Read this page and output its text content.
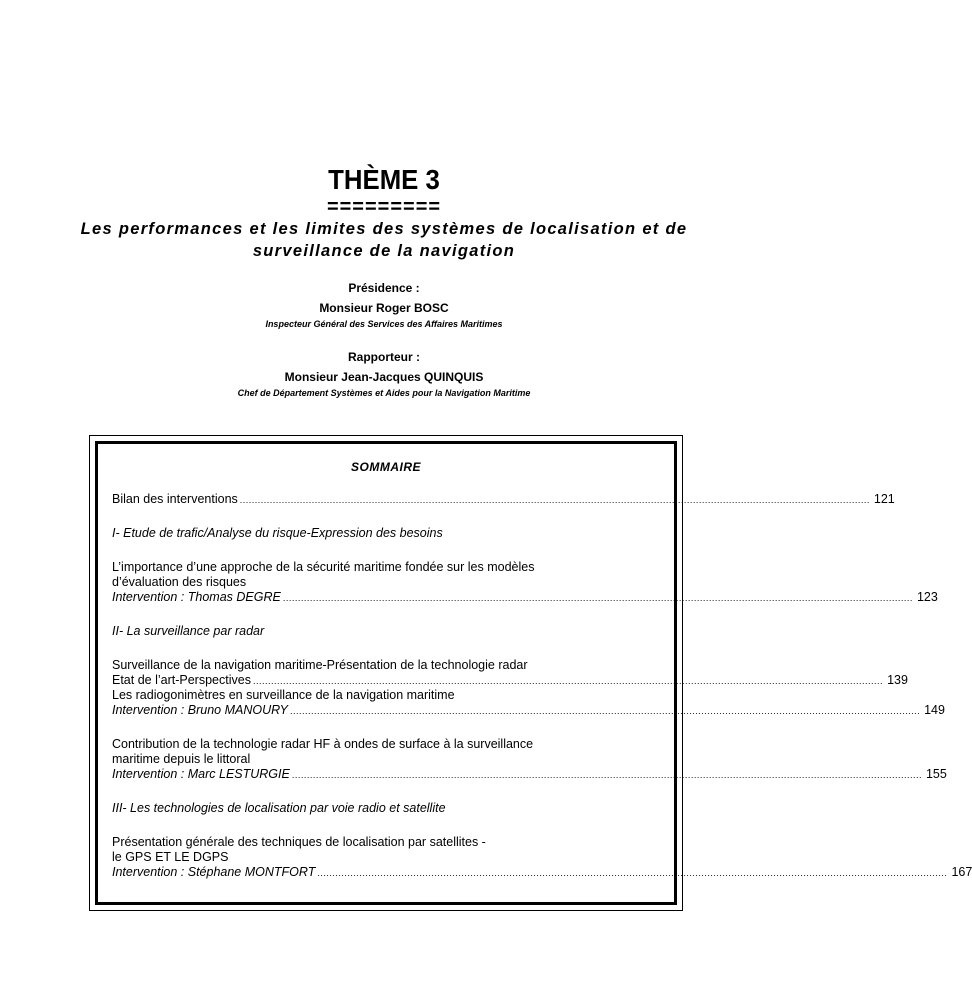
THÈME 3
=========
Les performances et les limites des systèmes de localisation et de
surveillance de la navigation
Présidence :
Monsieur Roger BOSC
Inspecteur Général des Services des Affaires Maritimes
Rapporteur :
Monsieur Jean-Jacques QUINQUIS
Chef de Département Systèmes et Aides pour la Navigation Maritime
SOMMAIRE
Bilan des interventions .................................................................................................................................................................................................................. 121
I- Etude de trafic/Analyse du risque-Expression des besoins
L’importance d’une approche de la sécurité maritime fondée sur les modèles
d’évaluation des risques
Intervention : Thomas DEGRE .................................................................................................................................................................................................................. 123
II- La surveillance par radar
Surveillance de la navigation maritime-Présentation de la technologie radar
Etat de l’art-Perspectives .................................................................................................................................................................................................................. 139
Les radiogonimètres en surveillance de la navigation maritime
Intervention : Bruno MANOURY .................................................................................................................................................................................................................. 149
Contribution de la technologie radar HF à ondes de surface à la surveillance
maritime depuis le littoral
Intervention : Marc LESTURGIE .................................................................................................................................................................................................................. 155
III- Les technologies de localisation par voie radio et satellite
Présentation générale des techniques de localisation par satellites -
le GPS ET LE DGPS
Intervention : Stéphane MONTFORT .................................................................................................................................................................................................................. 167
